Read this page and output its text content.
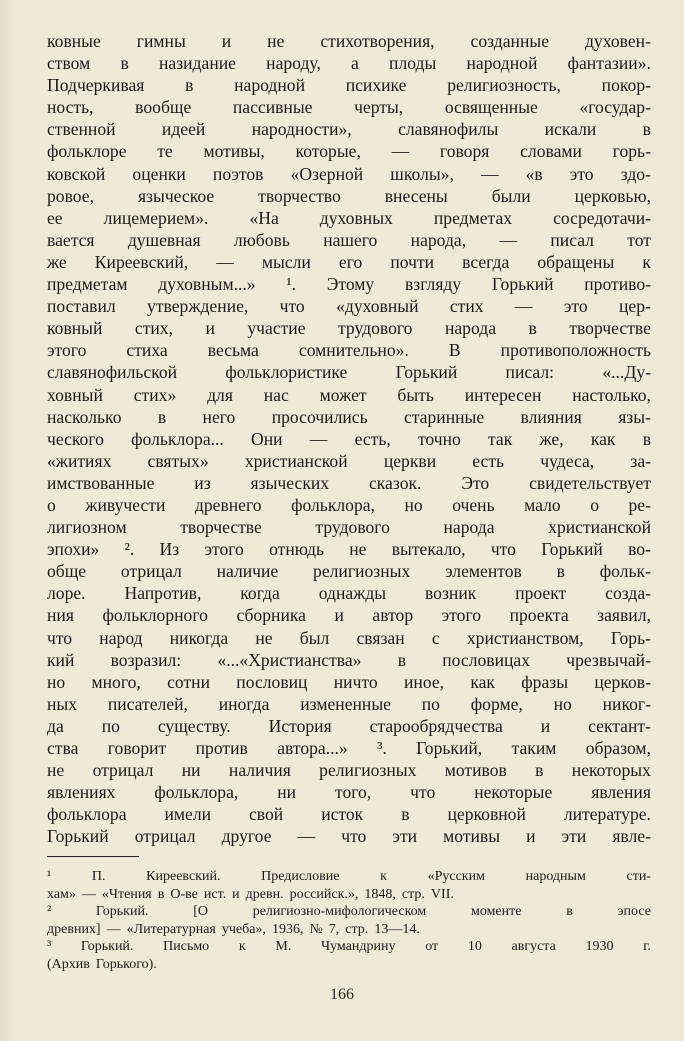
ковные гимны и не стихотворения, созданные духовен-
ством в назидание народу, а плоды народной фантазии».
Подчеркивая в народной психике религиозность, покор-
ность, вообще пассивные черты, освященные «государ-
ственной	идеей	народности»,	славянофилы	искали	в
фольклоре те мотивы, которые, — говоря словами горь-
ковской оценки поэтов «Озерной школы», — «в это здо-
ровое, языческое творчество внесены были церковью,
ее лицемерием». «На духовных предметах сосредотачи-
вается душевная любовь нашего народа, — писал тот
же Киреевский, — мысли его почти всегда обращены к
предметам духовным...» ¹. Этому взгляду Горький противо-
поставил утверждение, что «духовный стих — это цер-
ковный стих, и участие трудового народа в творчестве
этого стиха весьма сомнительно». В противоположность
славянофильской	фольклористике	Горький	писал:	«...Ду-
ховный стих» для нас может быть интересен настолько,
насколько в него просочились старинные влияния язы-
ческого фольклора... Они — есть, точно так же, как в
«житиях святых» христианской церкви есть чудеса, за-
имствованные из языческих сказок. Это свидетельствует
о живучести древнего фольклора, но очень мало о ре-
лигиозном	творчестве	трудового	народа	христианской
эпохи» ². Из этого отнюдь не вытекало, что Горький во-
обще отрицал наличие религиозных элементов в фольк-
лоре. Напротив, когда однажды возник проект созда-
ния фольклорного сборника и автор этого проекта заявил,
что народ никогда не был связан с христианством, Горь-
кий возразил: «...«Христианства» в пословицах чрезвычай-
но много, сотни пословиц ничто иное, как фразы церков-
ных писателей, иногда измененные по форме, но никог-
да по существу. История старообрядчества и сектант-
ства говорит против автора...» ³. Горький, таким образом,
не отрицал ни наличия религиозных мотивов в некоторых
явлениях фольклора, ни того, что некоторые явления
фольклора имели свой исток в церковной литературе.
Горький отрицал другое — что эти мотивы и эти явле-
¹	П.	Киреевский.	Предисловие	к	«Русским	народным	сти-
хам» — «Чтения в О-ве ист. и древн. российск.», 1848, стр. VII.
²	Горький.	[О	религиозно-мифологическом	моменте	в	эпосе
древних] — «Литературная учеба», 1936, № 7, стр. 13—14.
³ Горький. Письмо к М. Чумандрину от 10 августа 1930 г.
(Архив Горького).
166
